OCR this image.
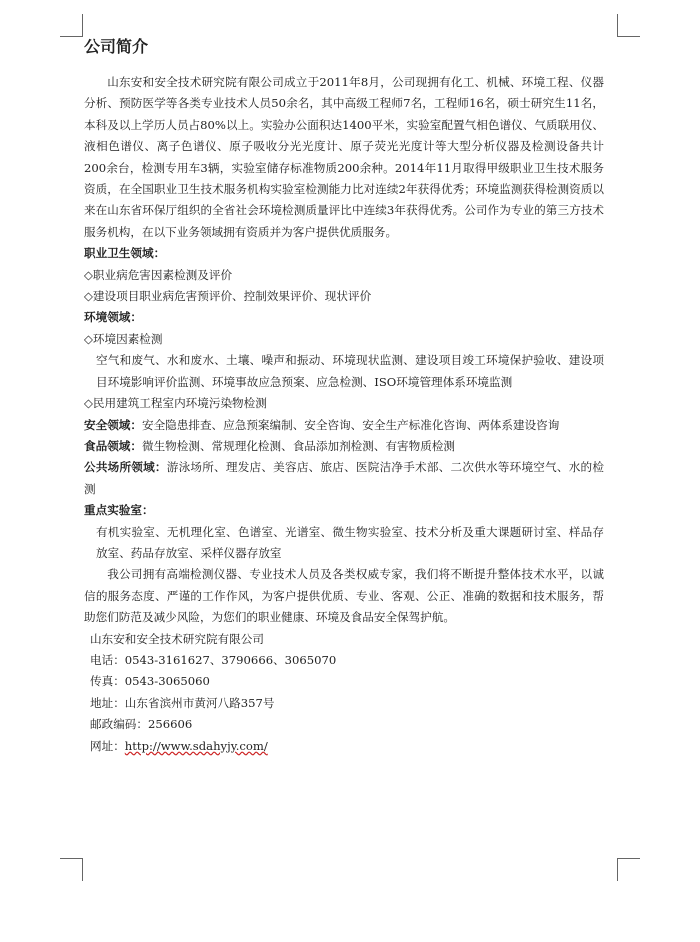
公司简介

山东安和安全技术研究院有限公司成立于2011年8月，公司现拥有化工、机械、环境工程、仪器分析、预防医学等各类专业技术人员50余名，其中高级工程师7名，工程师16名，硕士研究生11名，本科及以上学历人员占80%以上。实验办公面积达1400平米，实验室配置气相色谱仪、气质联用仪、液相色谱仪、离子色谱仪、原子吸收分光光度计、原子荧光光度计等大型分析仪器及检测设备共计200余台，检测专用车3辆，实验室储存标准物质200余种。2014年11月取得甲级职业卫生技术服务资质，在全国职业卫生技术服务机构实验室检测能力比对连续2年获得优秀；环境监测获得检测资质以来在山东省环保厅组织的全省社会环境检测质量评比中连续3年获得优秀。公司作为专业的第三方技术服务机构，在以下业务领域拥有资质并为客户提供优质服务。

职业卫生领域：

◇职业病危害因素检测及评价

◇建设项目职业病危害预评价、控制效果评价、现状评价

环境领域：

◇环境因素检测

空气和废气、水和废水、土壤、噪声和振动、环境现状监测、建设项目竣工环境保护验收、建设项目环境影响评价监测、环境事故应急预案、应急检测、ISO环境管理体系环境监测

◇民用建筑工程室内环境污染物检测

安全领域：安全隐患排查、应急预案编制、安全咨询、安全生产标准化咨询、两体系建设咨询

食品领域：微生物检测、常规理化检测、食品添加剂检测、有害物质检测

公共场所领域：游泳场所、理发店、美容店、旅店、医院洁净手术部、二次供水等环境空气、水的检测

重点实验室：

有机实验室、无机理化室、色谱室、光谱室、微生物实验室、技术分析及重大课题研讨室、样品存放室、药品存放室、采样仪器存放室

我公司拥有高端检测仪器、专业技术人员及各类权威专家，我们将不断提升整体技术水平，以诚信的服务态度、严谨的工作作风，为客户提供优质、专业、客观、公正、准确的数据和技术服务，帮助您们防范及减少风险，为您们的职业健康、环境及食品安全保驾护航。

山东安和安全技术研究院有限公司

电话：0543-3161627、3790666、3065070

传真：0543-3065060

地址：山东省滨州市黄河八路357号

邮政编码：256606

网址：http://www.sdahyjy.com/
